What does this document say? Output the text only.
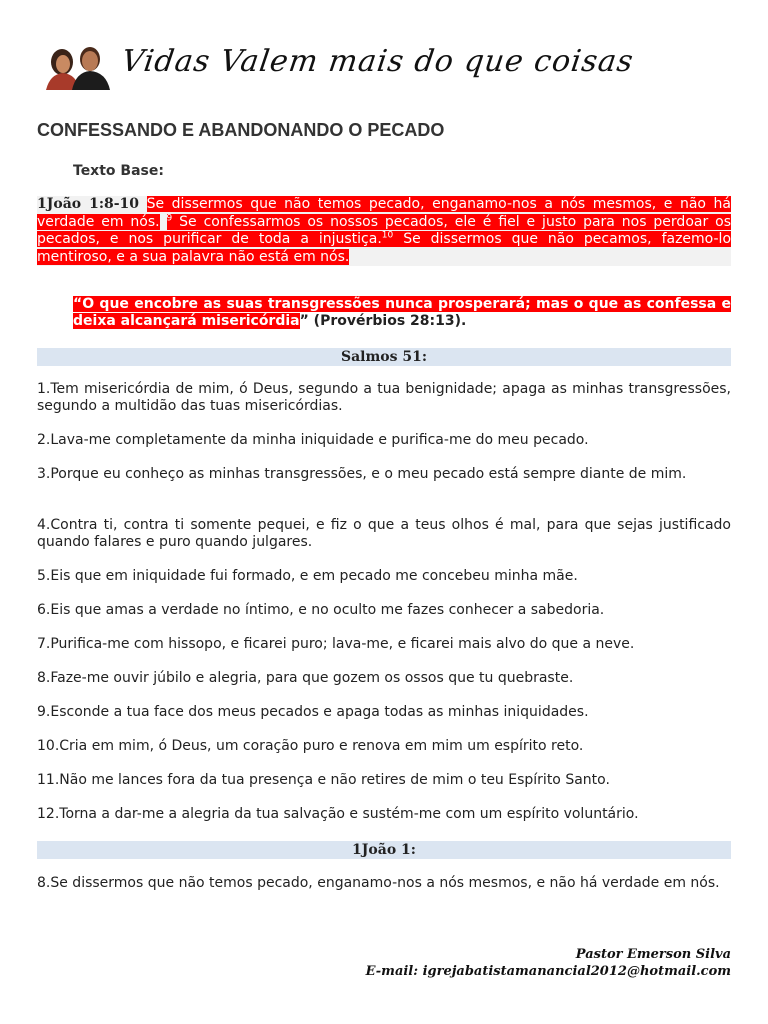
Vidas Valem mais do que coisas
CONFESSANDO E ABANDONANDO O PECADO
Texto Base:
1João 1:8-10 Se dissermos que não temos pecado, enganamo-nos a nós mesmos, e não há verdade em nós. $^9$ Se confessarmos os nossos pecados, ele é fiel e justo para nos perdoar os pecados, e nos purificar de toda a injustiça.$^{10}$ Se dissermos que não pecamos, fazemo-lo mentiroso, e a sua palavra não está em nós.
“O que encobre as suas transgressões nunca prosperará; mas o que as confessa e deixa alcançará misericórdia” (Provérbios 28:13).
Salmos 51:
1.Tem misericórdia de mim, ó Deus, segundo a tua benignidade; apaga as minhas transgressões, segundo a multidão das tuas misericórdias.
2.Lava-me completamente da minha iniquidade e purifica-me do meu pecado.
3.Porque eu conheço as minhas transgressões, e o meu pecado está sempre diante de mim.
4.Contra ti, contra ti somente pequei, e fiz o que a teus olhos é mal, para que sejas justificado quando falares e puro quando julgares.
5.Eis que em iniquidade fui formado, e em pecado me concebeu minha mãe.
6.Eis que amas a verdade no íntimo, e no oculto me fazes conhecer a sabedoria.
7.Purifica-me com hissopo, e ficarei puro; lava-me, e ficarei mais alvo do que a neve.
8.Faze-me ouvir júbilo e alegria, para que gozem os ossos que tu quebraste.
9.Esconde a tua face dos meus pecados e apaga todas as minhas iniquidades.
10.Cria em mim, ó Deus, um coração puro e renova em mim um espírito reto.
11.Não me lances fora da tua presença e não retires de mim o teu Espírito Santo.
12.Torna a dar-me a alegria da tua salvação e sustém-me com um espírito voluntário.
1João 1:
8.Se dissermos que não temos pecado, enganamo-nos a nós mesmos, e não há verdade em nós.
Pastor Emerson Silva
E-mail: igrejabatistamanancial2012@hotmail.com
